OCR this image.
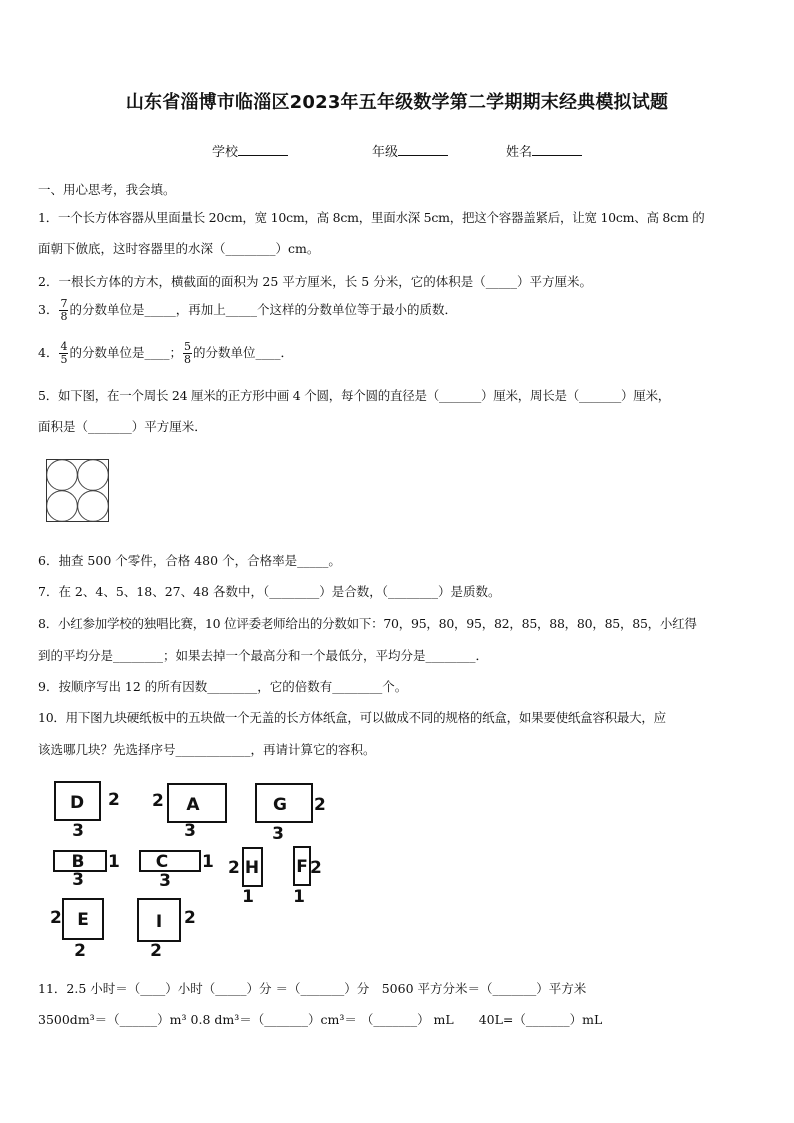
山东省淄博市临淄区2023年五年级数学第二学期期末经典模拟试题
学校	年级	姓名
一、用心思考，我会填。
1．一个长方体容器从里面量长 20cm，宽 10cm，高 8cm，里面水深 5cm，把这个容器盖紧后，让宽 10cm、高 8cm 的
面朝下倣底，这时容器里的水深（________）cm。
2．一根长方体的方木，横截面的面积为 25 平方厘米，长 5 分米，它的体积是（_____）平方厘米。
3． $\frac{7}{8}$ 的分数单位是_____，再加上_____个这样的分数单位等于最小的质数．
4． $\frac{4}{5}$ 的分数单位是____； $\frac{5}{8}$ 的分数单位____．
5．如下图，在一个周长 24 厘米的正方形中画 4 个圆，每个圆的直径是（_______）厘米，周长是（_______）厘米，
面积是（_______）平方厘米．
6．抽查 500 个零件，合格 480 个，合格率是_____。
7．在 2、4、5、18、27、48 各数中，（________）是合数，（________）是质数。
8．小红参加学校的独唱比赛，10 位评委老师给出的分数如下：70，95，80，95，82，85，88，80，85，85，小红得
到的平均分是________；如果去掉一个最高分和一个最低分，平均分是________．
9．按顺序写出 12 的所有因数________，它的倍数有________个。
10．用下图九块硬纸板中的五块做一个无盖的长方体纸盒，可以做成不同的规格的纸盒，如果要使纸盒容积最大，应
该选哪几块？先选择序号____________，再请计算它的容积。
D 2
3
A
2
3
G 2
3
B 1
3
C 1
3
H
2
1
F 2
1
E
2
2
I 2
2
11．2.5 小时＝（____）小时（_____）分 ＝（_______）分　5060 平方分米＝（_______）平方米
3500dm³＝（______）m³ 0.8 dm³＝（_______）cm³＝ （_______） mL　　40L=（_______）mL
